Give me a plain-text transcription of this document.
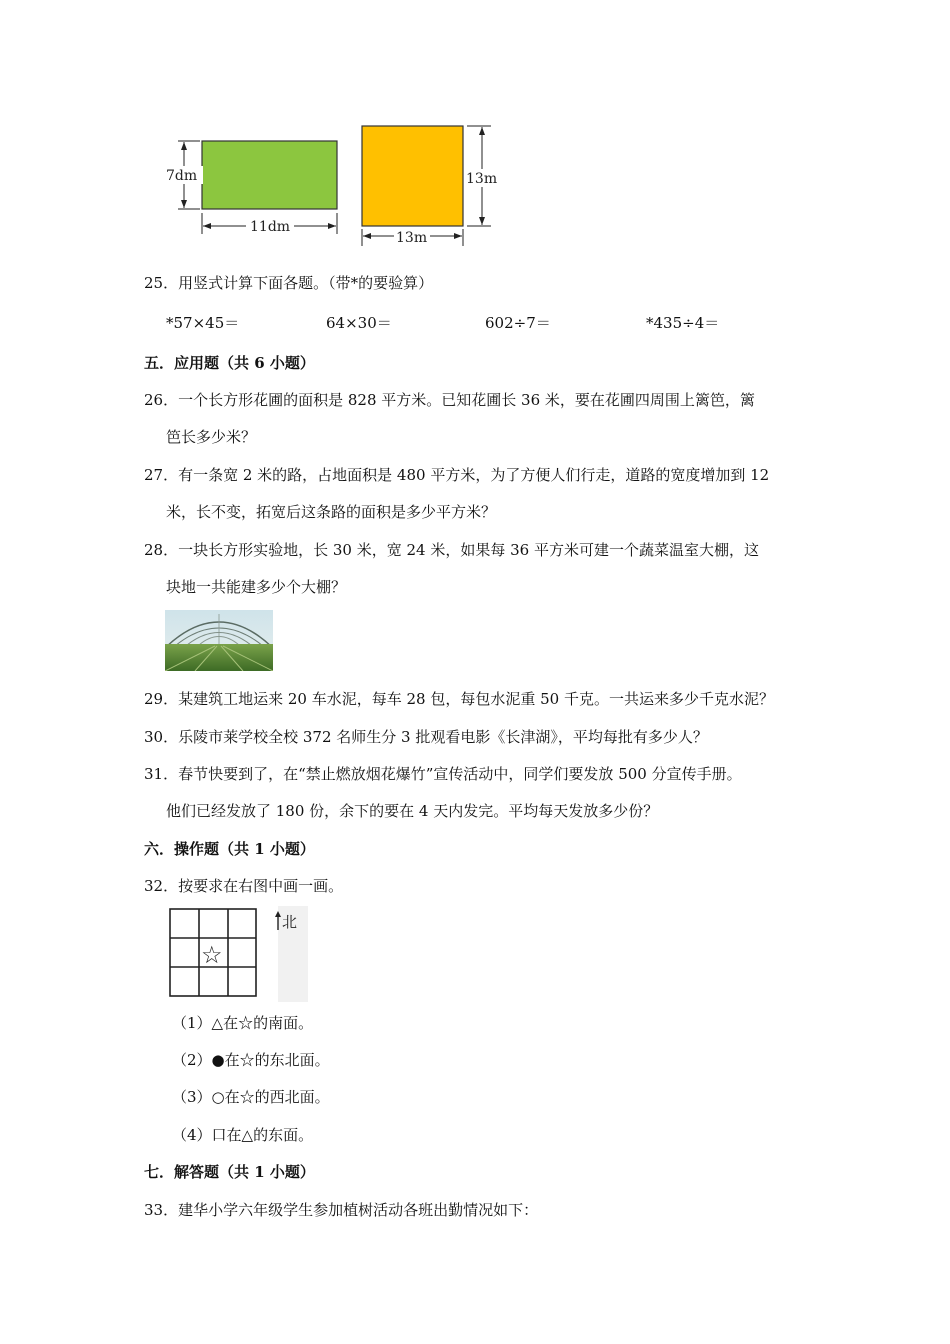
7dm
11dm
13m
13m
25．用竖式计算下面各题。（带*的要验算）
*57×45＝	64×30＝	602÷7＝	*435÷4＝
五．应用题（共 6 小题）
26．一个长方形花圃的面积是 828 平方米。已知花圃长 36 米，要在花圃四周围上篱笆，篱
笆长多少米？
27．有一条宽 2 米的路，占地面积是 480 平方米，为了方便人们行走，道路的宽度增加到 12
米，长不变，拓宽后这条路的面积是多少平方米？
28．一块长方形实验地，长 30 米，宽 24 米，如果每 36 平方米可建一个蔬菜温室大棚，这
块地一共能建多少个大棚？
29．某建筑工地运来 20 车水泥，每车 28 包，每包水泥重 50 千克。一共运来多少千克水泥？
30．乐陵市莱学校全校 372 名师生分 3 批观看电影《长津湖》，平均每批有多少人？
31．春节快要到了，在“禁止燃放烟花爆竹”宣传活动中，同学们要发放 500 分宣传手册。
他们已经发放了 180 份，余下的要在 4 天内发完。平均每天发放多少份？
六．操作题（共 1 小题）
32．按要求在右图中画一画。
☆
北
（1）△在☆的南面。
（2）●在☆的东北面。
（3）○在☆的西北面。
（4）口在△的东面。
七．解答题（共 1 小题）
33．建华小学六年级学生参加植树活动各班出勤情况如下：
